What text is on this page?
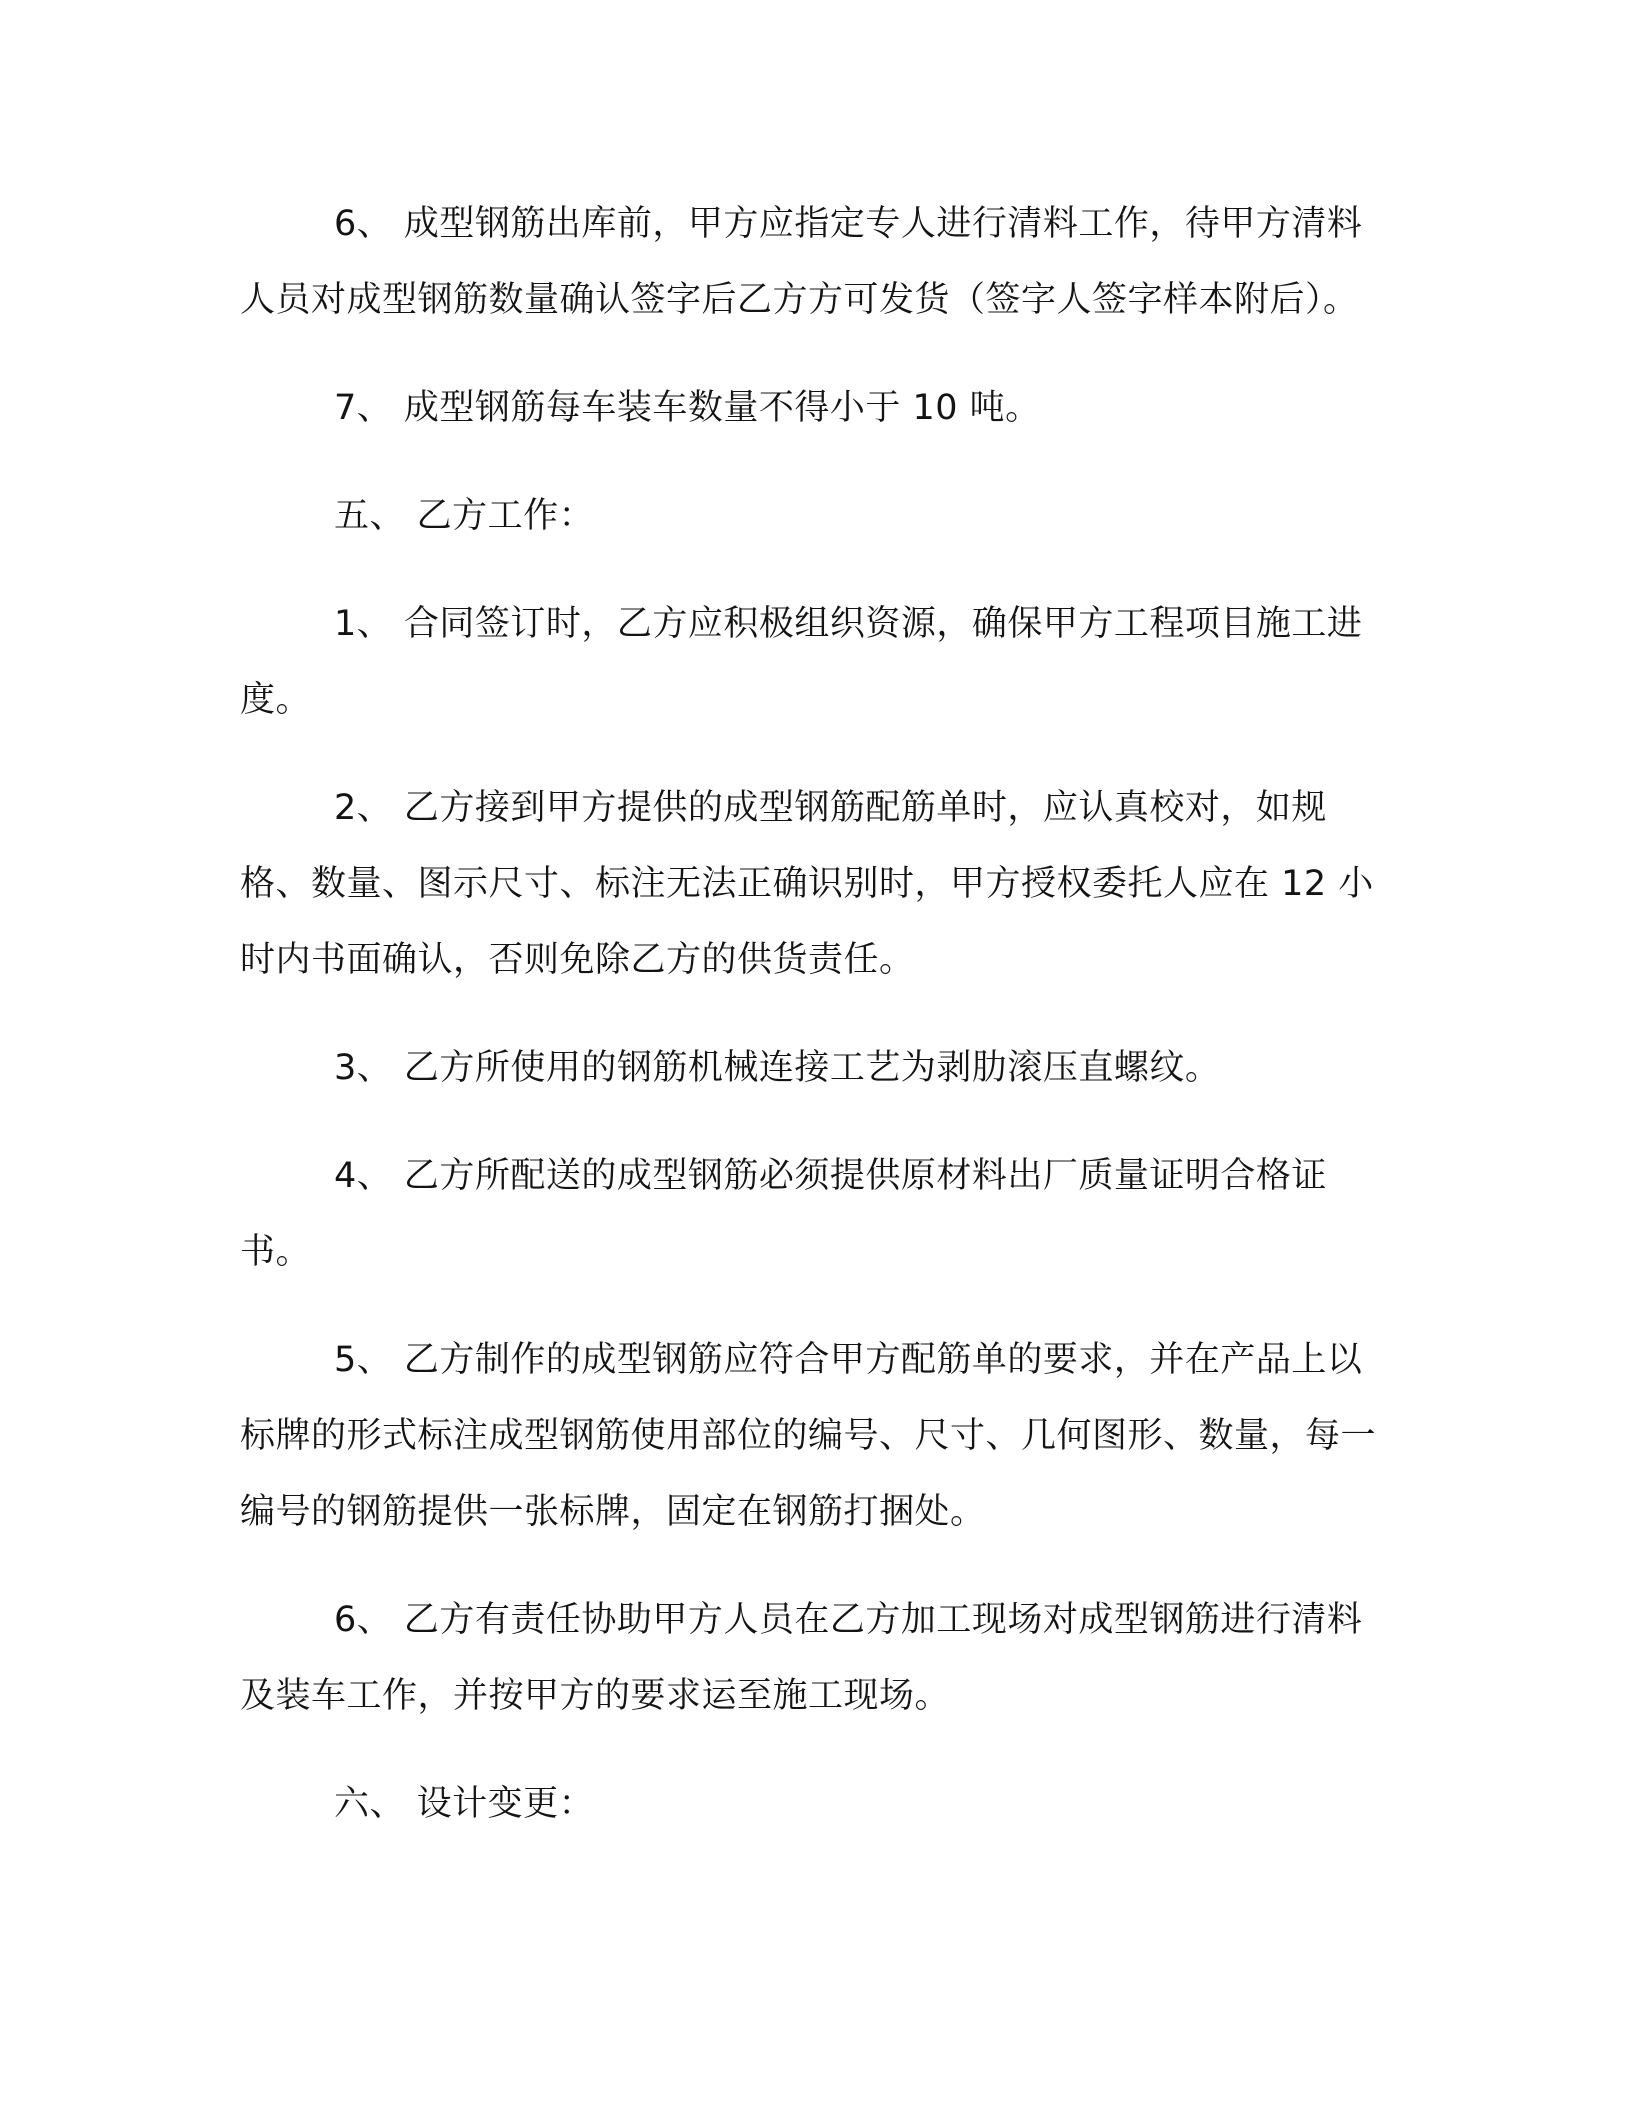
6、 成型钢筋出库前，甲方应指定专人进行清料工作，待甲方清料人员对成型钢筋数量确认签字后乙方方可发货（签字人签字样本附后）。

7、 成型钢筋每车装车数量不得小于 10 吨。

五、 乙方工作：

1、 合同签订时，乙方应积极组织资源，确保甲方工程项目施工进度。

2、 乙方接到甲方提供的成型钢筋配筋单时，应认真校对，如规格、数量、图示尺寸、标注无法正确识别时，甲方授权委托人应在 12 小时内书面确认，否则免除乙方的供货责任。

3、 乙方所使用的钢筋机械连接工艺为剥肋滚压直螺纹。

4、 乙方所配送的成型钢筋必须提供原材料出厂质量证明合格证书。

5、 乙方制作的成型钢筋应符合甲方配筋单的要求，并在产品上以标牌的形式标注成型钢筋使用部位的编号、尺寸、几何图形、数量，每一编号的钢筋提供一张标牌，固定在钢筋打捆处。

6、 乙方有责任协助甲方人员在乙方加工现场对成型钢筋进行清料及装车工作，并按甲方的要求运至施工现场。

六、 设计变更：
